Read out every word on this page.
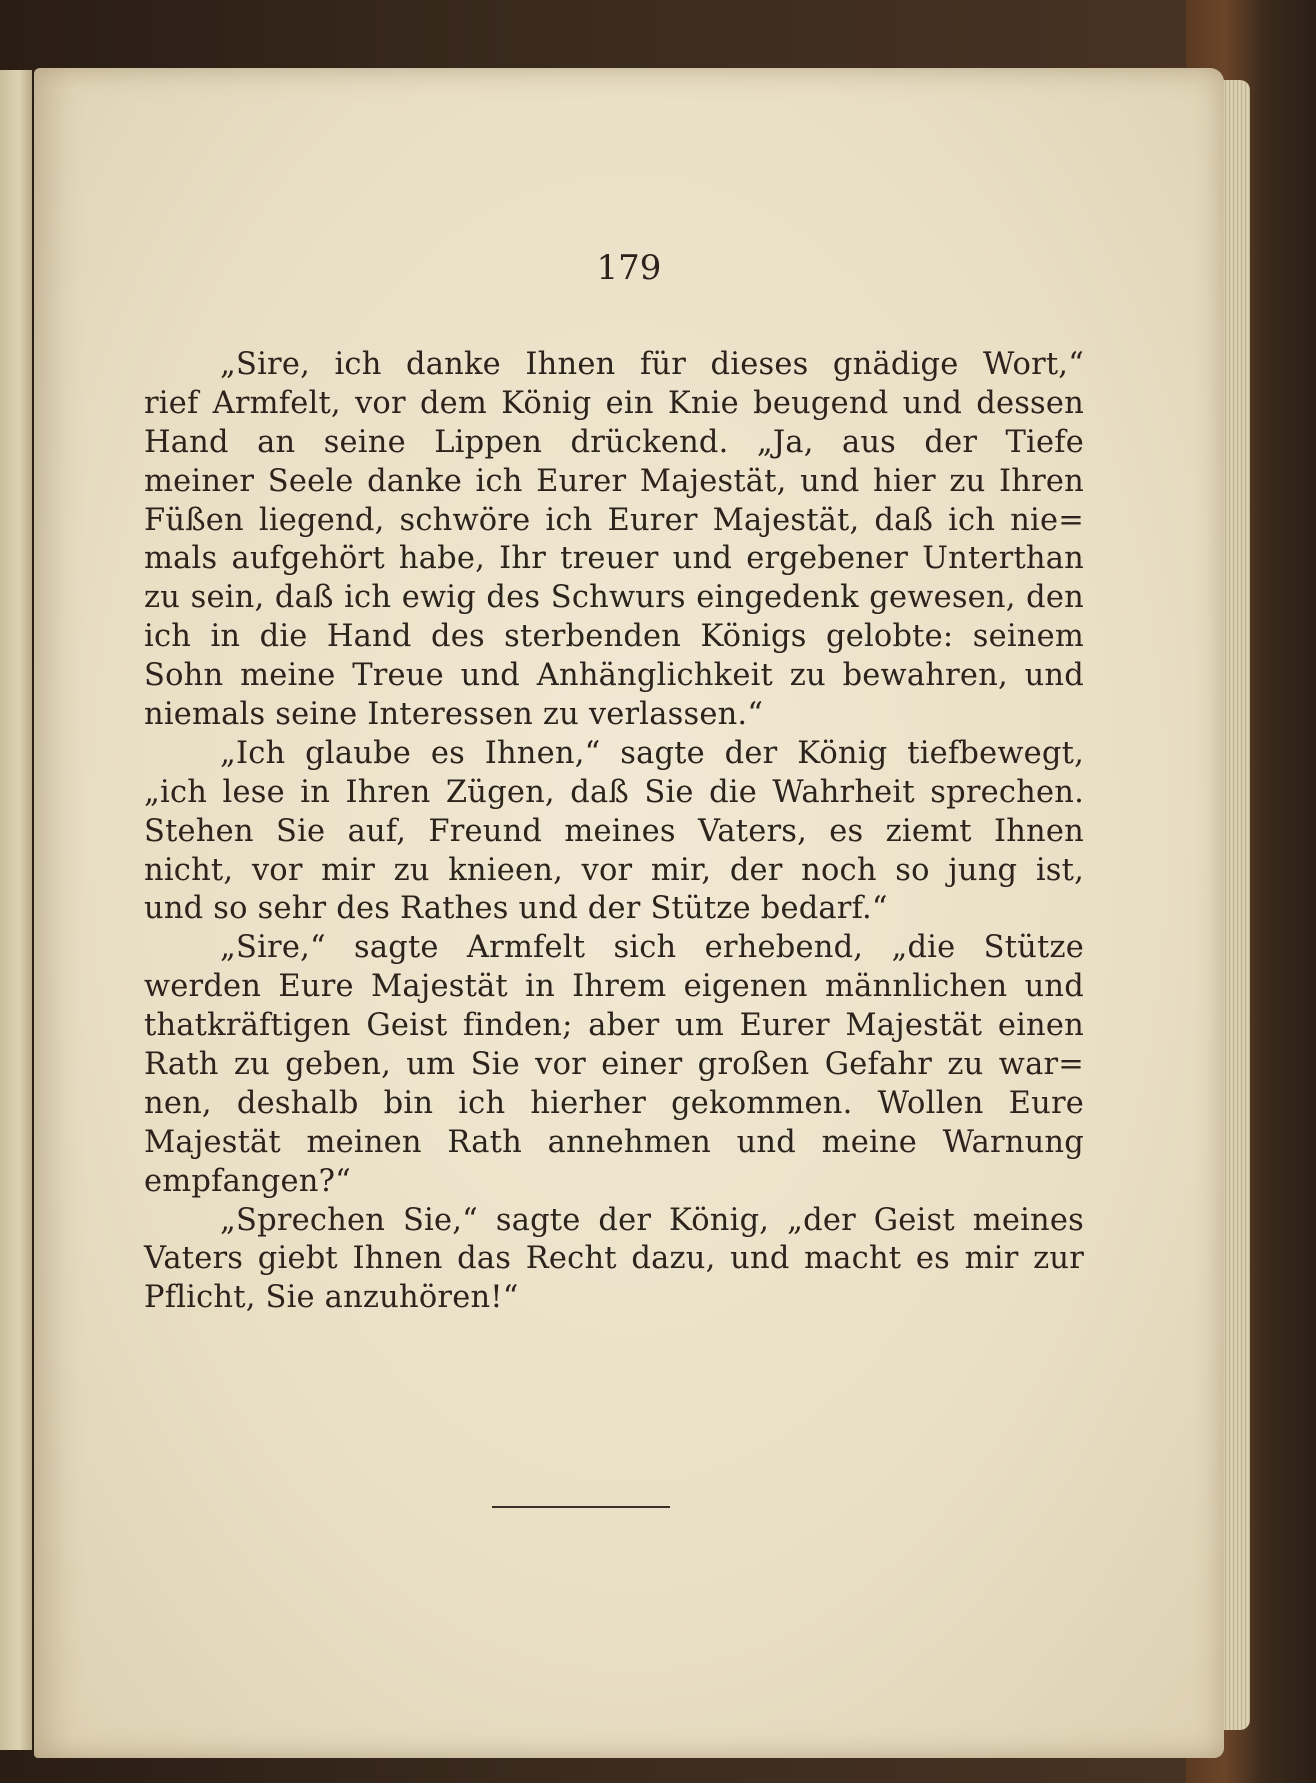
179
„Sire, ich danke Ihnen für dieses gnädige Wort,“
rief Armfelt, vor dem König ein Knie beugend und dessen
Hand an seine Lippen drückend. „Ja, aus der Tiefe
meiner Seele danke ich Eurer Majestät, und hier zu Ihren
Füßen liegend, schwöre ich Eurer Majestät, daß ich nie=
mals aufgehört habe, Ihr treuer und ergebener Unterthan
zu sein, daß ich ewig des Schwurs eingedenk gewesen, den
ich in die Hand des sterbenden Königs gelobte: seinem
Sohn meine Treue und Anhänglichkeit zu bewahren, und
niemals seine Interessen zu verlassen.“
„Ich glaube es Ihnen,“ sagte der König tiefbewegt,
„ich lese in Ihren Zügen, daß Sie die Wahrheit sprechen.
Stehen Sie auf, Freund meines Vaters, es ziemt Ihnen
nicht, vor mir zu knieen, vor mir, der noch so jung ist,
und so sehr des Rathes und der Stütze bedarf.“
„Sire,“ sagte Armfelt sich erhebend, „die Stütze
werden Eure Majestät in Ihrem eigenen männlichen und
thatkräftigen Geist finden; aber um Eurer Majestät einen
Rath zu geben, um Sie vor einer großen Gefahr zu war=
nen, deshalb bin ich hierher gekommen. Wollen Eure
Majestät meinen Rath annehmen und meine Warnung
empfangen?“
„Sprechen Sie,“ sagte der König, „der Geist meines
Vaters giebt Ihnen das Recht dazu, und macht es mir zur
Pflicht, Sie anzuhören!“
